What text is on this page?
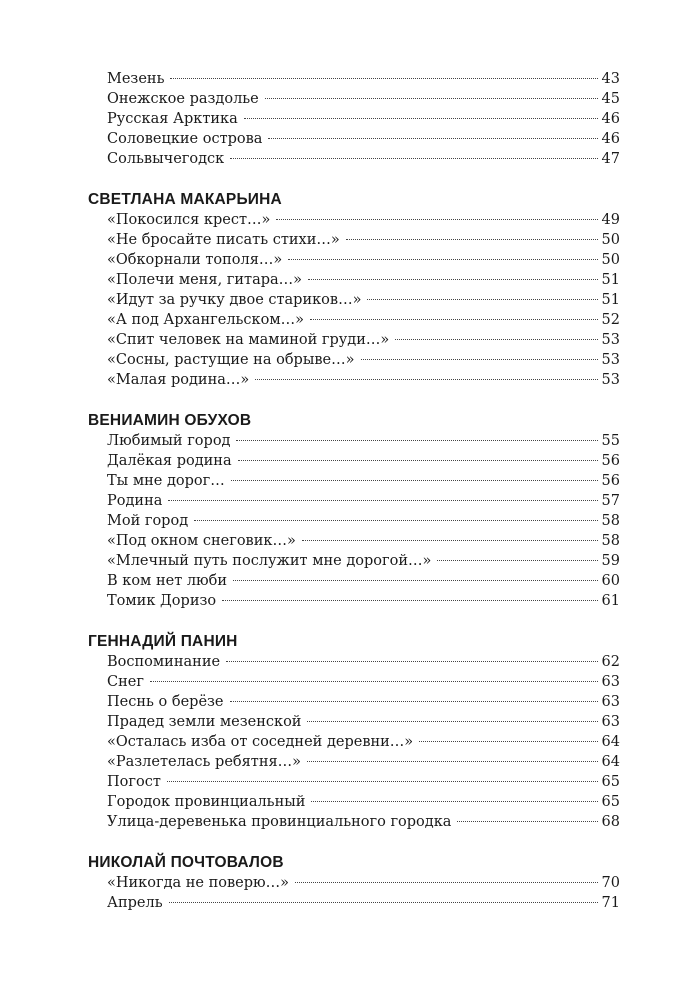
Мезень	43
Онежское раздолье	45
Русская Арктика	46
Соловецкие острова	46
Сольвычегодск	47
СВЕТЛАНА МАКАРЬИНА
«Покосился крест…»	49
«Не бросайте писать стихи…»	50
«Обкорнали тополя…»	50
«Полечи меня, гитара…»	51
«Идут за ручку двое стариков…»	51
«А под Архангельском…»	52
«Спит человек на маминой груди…»	53
«Сосны, растущие на обрыве…»	53
«Малая родина…»	53
ВЕНИАМИН ОБУХОВ
Любимый город	55
Далёкая родина	56
Ты мне дорог…	56
Родина	57
Мой город	58
«Под окном снеговик…»	58
«Млечный путь послужит мне дорогой…»	59
В ком нет люби	60
Томик Доризо	61
ГЕННАДИЙ ПАНИН
Воспоминание	62
Снег	63
Песнь о берёзе	63
Прадед земли мезенской	63
«Осталась изба от соседней деревни…»	64
«Разлетелась ребятня…»	64
Погост	65
Городок провинциальный	65
Улица-деревенька провинциального городка	68
НИКОЛАЙ ПОЧТОВАЛОВ
«Никогда не поверю…»	70
Апрель	71
